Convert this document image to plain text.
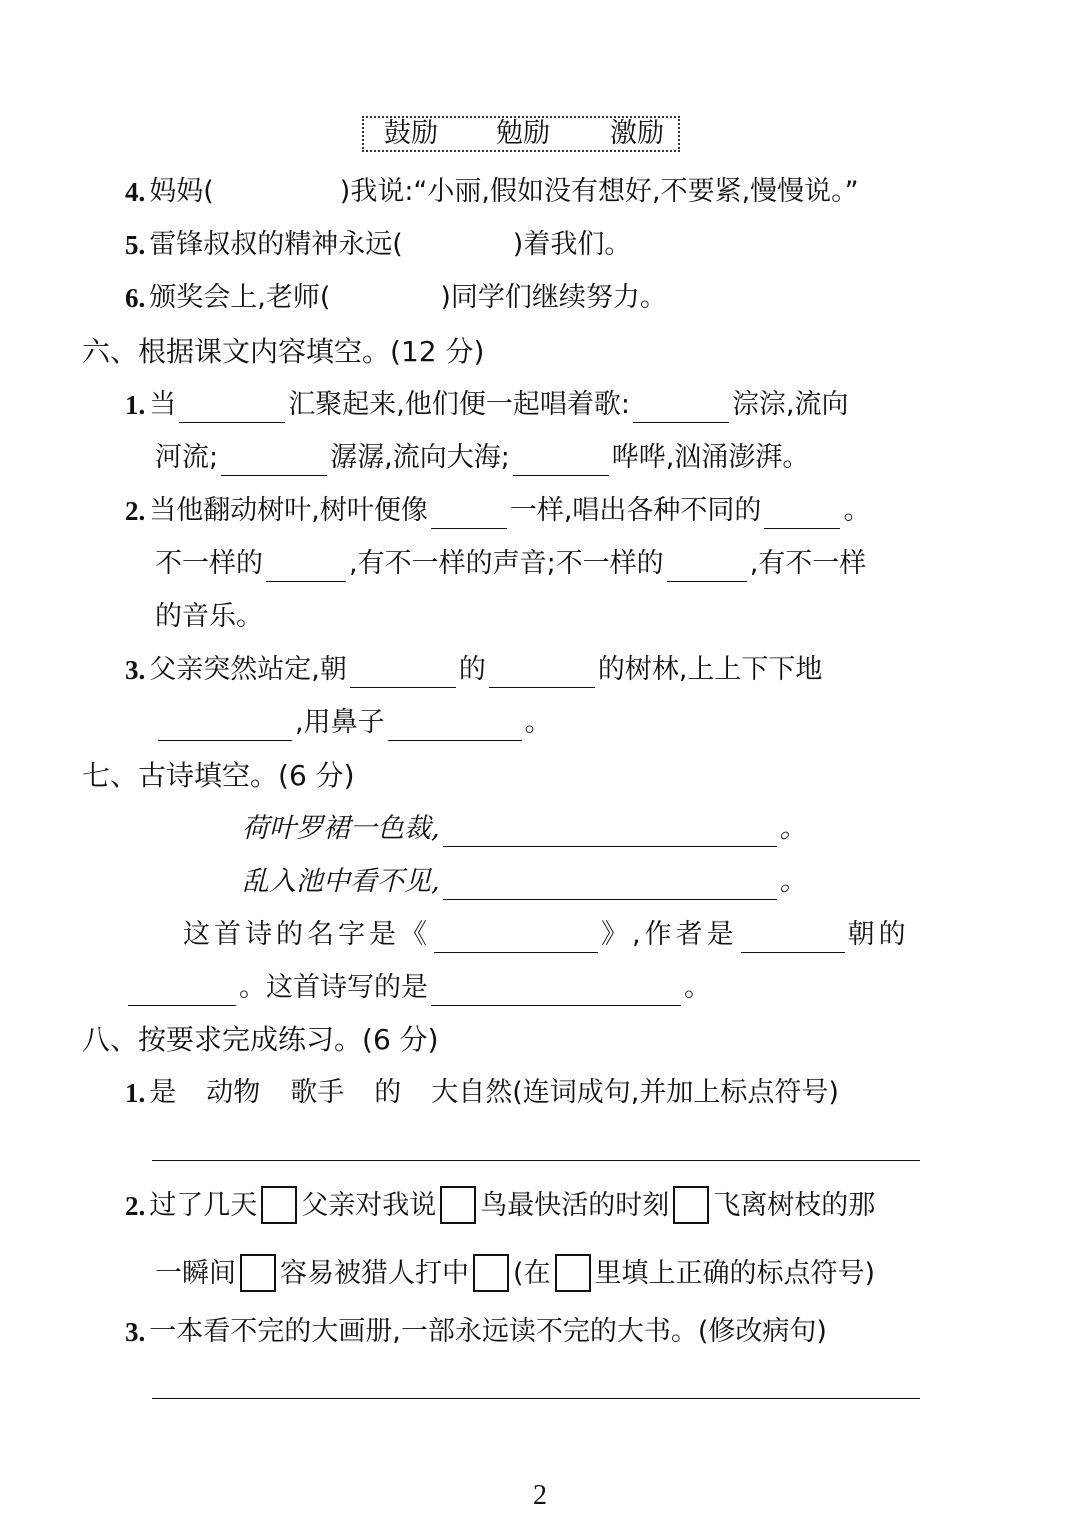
鼓励 勉励 激励
4. 妈妈(	)我说:“小丽,假如没有想好,不要紧,慢慢说。”
5. 雷锋叔叔的精神永远(	)着我们。
6. 颁奖会上,老师(	)同学们继续努力。
六、根据课文内容填空。(12 分)
1. 当	汇聚起来,他们便一起唱着歌:	淙淙,流向
河流;	潺潺,流向大海;	哗哗,汹涌澎湃。
2. 当他翻动树叶,树叶便像	一样,唱出各种不同的	。
不一样的	,有不一样的声音;不一样的	,有不一样
的音乐。
3. 父亲突然站定,朝	的	的树林,上上下下地
,用鼻子	。
七、古诗填空。(6 分)
荷叶罗裙一色裁,	。
乱入池中看不见,	。
这首诗的名字是《	》,作者是	朝的
。这首诗写的是	。
八、按要求完成练习。(6 分)
1. 是 动物 歌手 的 大自然(连词成句,并加上标点符号)
2. 过了几天 父亲对我说 鸟最快活的时刻 飞离树枝的那
一瞬间 容易被猎人打中 (在 里填上正确的标点符号)
3. 一本看不完的大画册,一部永远读不完的大书。(修改病句)
2
